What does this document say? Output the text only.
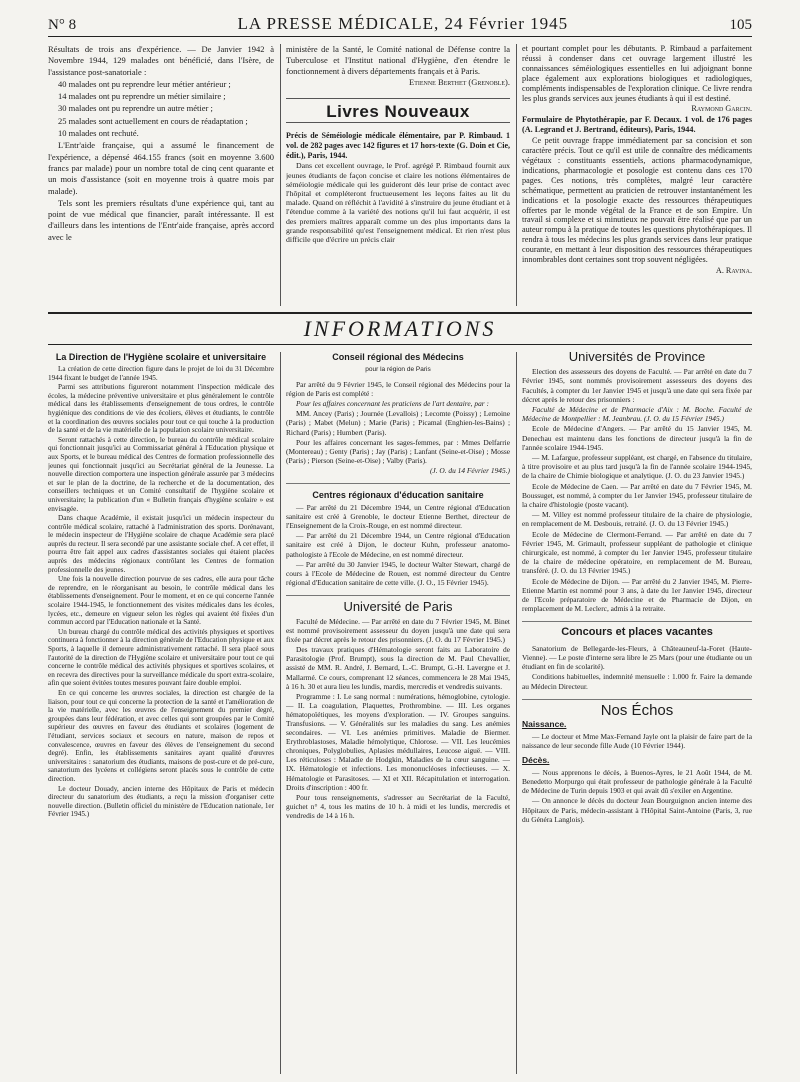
N° 8	LA PRESSE MÉDICALE, 24 Février 1945	105

Résultats de trois ans d'expérience. — De Janvier 1942 à Novembre 1944, 129 malades ont bénéficié, dans l'Isère, de l'assistance post-sanatoriale :

40 malades ont pu reprendre leur métier antérieur ;

14 malades ont pu reprendre un métier similaire ;

30 malades ont pu reprendre un autre métier ;

25 malades sont actuellement en cours de réadaptation ;

10 malades ont rechuté.

L'Entr'aide française, qui a assumé le financement de l'expérience, a dépensé 464.155 francs (soit en moyenne 3.600 francs par malade) pour un nombre total de cinq cent quarante et un mois d'assistance (soit en moyenne trois à quatre mois par malade).

Tels sont les premiers résultats d'une expérience qui, tant au point de vue médical que financier, paraît intéressante. Il est d'ailleurs dans les intentions de l'Entr'aide française, après accord avec le

ministère de la Santé, le Comité national de Défense contre la Tuberculose et l'Institut national d'Hygiène, d'en étendre le fonctionnement à divers départements français et à Paris.

Etienne Berthet (Grenoble).

Livres Nouveaux

Précis de Séméiologie médicale élémentaire, par P. Rimbaud. 1 vol. de 282 pages avec 142 figures et 17 hors-texte (G. Doin et Cie, édit.), Paris, 1944.

Dans cet excellent ouvrage, le Prof. agrégé P. Rimbaud fournit aux jeunes étudiants de façon concise et claire les notions élémentaires de séméiologie médicale qui les guideront dès leur prise de contact avec l'hôpital et compléteront fructueusement les leçons faites au lit du malade. Quand on réfléchit à l'avidité à s'instruire du jeune étudiant et à l'étendue comme à la variété des notions qu'il lui faut acquérir, il est des premiers maîtres apparaît comme un des plus importants dans la grande responsabilité qu'est l'enseignement médical. Et rien n'est plus difficile que d'écrire un précis clair

et pourtant complet pour les débutants. P. Rimbaud a parfaitement réussi à condenser dans cet ouvrage largement illustré les connaissances séméiologiques essentielles en lui adjoignant bonne place également aux explorations biologiques et radiologiques, compléments indispensables de l'exploration clinique. Ce livre rendra les plus grands services aux jeunes étudiants à qui il est destiné.

Raymond Garcin.

Formulaire de Phytothérapie, par F. Decaux. 1 vol. de 176 pages (A. Legrand et J. Bertrand, éditeurs), Paris, 1944.

Ce petit ouvrage frappe immédiatement par sa concision et son caractère précis. Tout ce qu'il est utile de connaître des médicaments végétaux : constituants essentiels, actions pharmacodynamique, indications, pharmacologie et posologie est contenu dans ces 170 pages. Ces notions, très complètes, malgré leur caractère schématique, permettent au praticien de retrouver instantanément les indications et la posologie exacte des ressources thérapeutiques offertes par le monde végétal de la France et de son Empire. Un travail si complexe et si minutieux ne pouvait être réalisé que par un auteur rompu à la pratique de toutes les questions phytothérapiques. Il rendra à tous les médecins les plus grands services dans leur pratique courante, en mettant à leur disposition des ressources thérapeutiques innombrables dont certaines sont trop souvent négligées.

A. Ravina.

INFORMATIONS
La Direction de l'Hygiène scolaire et universitaire

La création de cette direction figure dans le projet de loi du 31 Décembre 1944 fixant le budget de l'année 1945.

Parmi ses attributions figureront notamment l'inspection médicale des écoles, la médecine préventive universitaire et plus généralement le contrôle médical dans les établissements d'enseignement de tous ordres, le contrôle hygiénique des conditions de vie des écoliers, élèves et étudiants, le contrôle et la coordination des œuvres sociales pour tout ce qui touche à la production de la santé et de la vie matérielle de la population scolaire universitaire.

Seront rattachés à cette direction, le bureau du contrôle médical scolaire qui fonctionnait jusqu'ici au Commissariat général à l'Education physique et aux Sports, et le bureau médical des Centres de formation professionnelle des jeunes qui fonctionnait jusqu'ici au Secrétariat général de la Jeunesse. La nouvelle direction comportera une inspection générale assurée par 3 médecins et sur le plan de la doctrine, de la recherche et de la documentation, des conseillers techniques et un Comité consultatif de l'hygiène scolaire et universitaire; la publication d'un « Bulletin français d'hygiène scolaire » est envisagée.

Dans chaque Académie, il existait jusqu'ici un médecin inspecteur du contrôle médical scolaire, rattaché à l'administration des sports. Dorénavant, le médecin inspecteur de l'Hygiène scolaire de chaque Académie sera placé auprès du recteur. Il sera secondé par une assistante sociale chef. A cet effet, il pourra être fait appel aux cadres d'assistantes sociales qui étaient placées auprès des médecins régionaux contrôlant les Centres de formation professionnelle des jeunes.

Une fois la nouvelle direction pourvue de ses cadres, elle aura pour tâche de reprendre, en le réorganisant au besoin, le contrôle médical dans les établissements d'enseignement. Pour le moment, et en ce qui concerne l'année scolaire 1944-1945, le fonctionnement des visites médicales dans les écoles, lycées, etc., demeure en vigueur selon les règles qui avaient été fixées d'un commun accord par l'Education nationale et la Santé.

Un bureau chargé du contrôle médical des activités physiques et sportives continuera à fonctionner à la direction générale de l'Education physique et aux Sports, à laquelle il demeure administrativement rattaché. Il sera placé sous l'autorité de la direction de l'Hygiène scolaire et universitaire pour tout ce qui concerne le contrôle médical des activités physiques et sportives scolaires, et en recevra des directives pour la surveillance médicale du sport extra-scolaire, afin que soient évitées toutes mesures pouvant faire double emploi.

En ce qui concerne les œuvres sociales, la direction est chargée de la liaison, pour tout ce qui concerne la protection de la santé et l'amélioration de la vie matérielle, avec les œuvres de l'enseignement du premier degré, groupées dans leur fédération, et avec celles qui sont groupées par le Comité supérieur des œuvres en faveur des étudiants et scolaires (logement de l'étudiant, services sociaux et secours en nature, maison de repos et convalescence, œuvres en faveur des élèves de l'enseignement du second degré). Enfin, les établissements sanitaires ayant qualité d'œuvres universitaires : sanatorium des étudiants, maisons de post-cure et de pré-cure, sanatorium des lycéens et collégiens seront placés sous le contrôle de cette direction.

Le docteur Douady, ancien interne des Hôpitaux de Paris et médecin directeur du sanatorium des étudiants, a reçu la mission d'organiser cette nouvelle direction. (Bulletin officiel du ministère de l'Education nationale, 1er Février 1945.)

Conseil régional des Médecins
pour la région de Paris

Par arrêté du 9 Février 1945, le Conseil régional des Médecins pour la région de Paris est complété :

Pour les affaires concernant les praticiens de l'art dentaire, par :

MM. Ancey (Paris) ; Journée (Levallois) ; Lecomte (Poissy) ; Lemoine (Paris) ; Mabet (Melun) ; Marie (Paris) ; Picamal (Enghien-les-Bains) ; Richard (Paris) ; Humbert (Paris).

Pour les affaires concernant les sages-femmes, par : Mmes Delfarrie (Montereau) ; Genty (Paris) ; Jay (Paris) ; Lanfant (Seine-et-Oise) ; Mosse (Paris) ; Pierson (Seine-et-Oise) ; Valby (Paris).

(J. O. du 14 Février 1945.)

Centres régionaux d'éducation sanitaire

— Par arrêté du 21 Décembre 1944, un Centre régional d'Education sanitaire est créé à Grenoble, le docteur Etienne Berthet, directeur de l'Enseignement de la Croix-Rouge, en est nommé directeur.

— Par arrêté du 21 Décembre 1944, un Centre régional d'Education sanitaire est créé à Dijon, le docteur Kuhn, professeur anatomo-pathologiste à l'Ecole de Médecine, en est nommé directeur.

— Par arrêté du 30 Janvier 1945, le docteur Walter Stewart, chargé de cours à l'Ecole de Médecine de Rouen, est nommé directeur du Centre régional d'Education sanitaire de cette ville. (J. O., 15 Février 1945).

Université de Paris

Faculté de Médecine. — Par arrêté en date du 7 Février 1945, M. Binet est nommé provisoirement assesseur du doyen jusqu'à une date qui sera fixée par décret après le retour des prisonniers. (J. O. du 17 Février 1945.)

Des travaux pratiques d'Hématologie seront faits au Laboratoire de Parasitologie (Prof. Brumpt), sous la direction de M. Paul Chevallier, assisté de MM. R. André, J. Bernard, L.-C. Brumpt, G.-H. Lavergne et J. Mallarmé. Ce cours, comprenant 12 séances, commencera le 28 Mai 1945, à 16 h. 30 et aura lieu les lundis, mardis, mercredis et vendredis suivants.

Programme : I. Le sang normal : numérations, hémoglobine, cytologie. — II. La coagulation, Plaquettes, Prothrombine. — III. Les organes hématopoïétiques, les moyens d'exploration. — IV. Groupes sanguins. Transfusions. — V. Généralités sur les maladies du sang. Les anémies secondaires. — VI. Les anémies primitives. Maladie de Biermer. Erythroblastoses, Maladie hémolytique, Chlorose. — VII. Les leucémies chroniques, Polyglobulies, Aplasies médullaires, Leucose aiguë. — VIII. Les réticuloses : Maladie de Hodgkin, Maladies de la cœur sanguine. — IX. Hématologie et infections. Les mononucléoses infectieuses. — X. Hématologie et Parasitoses. — XI et XII. Récapitulation et interrogation. Droits d'inscription : 400 fr.

Pour tous renseignements, s'adresser au Secrétariat de la Faculté, guichet n° 4, tous les matins de 10 h. à midi et les lundis, mercredis et vendredis de 14 à 16 h.

Universités de Province

Election des assesseurs des doyens de Faculté. — Par arrêté en date du 7 Février 1945, sont nommés provisoirement assesseurs des doyens des Facultés, à compter du 1er Janvier 1945 et jusqu'à une date qui sera fixée par décret après le retour des prisonniers :

Faculté de Médecine et de Pharmacie d'Aix : M. Boche. Faculté de Médecine de Montpellier : M. Jeanbrau. (J. O. du 15 Février 1945.)

Ecole de Médecine d'Angers. — Par arrêté du 15 Janvier 1945, M. Denechau est maintenu dans les fonctions de directeur jusqu'à la fin de l'année scolaire 1944-1945.

— M. Lafargue, professeur suppléant, est chargé, en l'absence du titulaire, à titre provisoire et au plus tard jusqu'à la fin de l'année scolaire 1944-1945, de la chaire de Chimie biologique et analytique. (J. O. du 23 Janvier 1945.)

Ecole de Médecine de Caen. — Par arrêté en date du 7 Février 1945, M. Boussuget, est nommé, à compter du 1er Janvier 1945, professeur titulaire de la chaire d'histologie (poste vacant).

— M. Villey est nommé professeur titulaire de la chaire de physiologie, en remplacement de M. Desbouis, retraité. (J. O. du 13 Février 1945.)

Ecole de Médecine de Clermont-Ferrand. — Par arrêté en date du 7 Février 1945, M. Grimault, professeur suppléant de pathologie et clinique chirurgicale, est nommé, à compter du 1er Janvier 1945, professeur titulaire de la chaire de médecine opératoire, en remplacement de M. Bureau, transféré. (J. O. du 13 Février 1945.)

Ecole de Médecine de Dijon. — Par arrêté du 2 Janvier 1945, M. Pierre-Etienne Martin est nommé pour 3 ans, à date du 1er Janvier 1945, directeur de l'Ecole préparatoire de Médecine et de Pharmacie de Dijon, en remplacement de M. Leclerc, admis à la retraite.

Concours et places vacantes

Sanatorium de Bellegarde-les-Fleurs, à Châteauneuf-la-Foret (Haute-Vienne). — Le poste d'interne sera libre le 25 Mars (pour une étudiante ou un étudiant en fin de scolarité).

Conditions habituelles, indemnité mensuelle : 1.000 fr. Faire la demande au Médecin Directeur.

Nos Échos
Naissance.

— Le docteur et Mme Max-Fernand Jayle ont la plaisir de faire part de la naissance de leur seconde fille Aude (10 Février 1944).

Décès.

— Nous apprenons le décès, à Buenos-Ayres, le 21 Août 1944, de M. Benedetto Morpurgo qui était professeur de pathologie générale à la Faculté de Médecine de Turin depuis 1903 et qui avait dû s'exiler en Argentine.

— On annonce le décès du docteur Jean Bourguignon ancien interne des Hôpitaux de Paris, médecin-assistant à l'Hôpital Saint-Antoine (Paris, 3, rue du Généra Langlois).
